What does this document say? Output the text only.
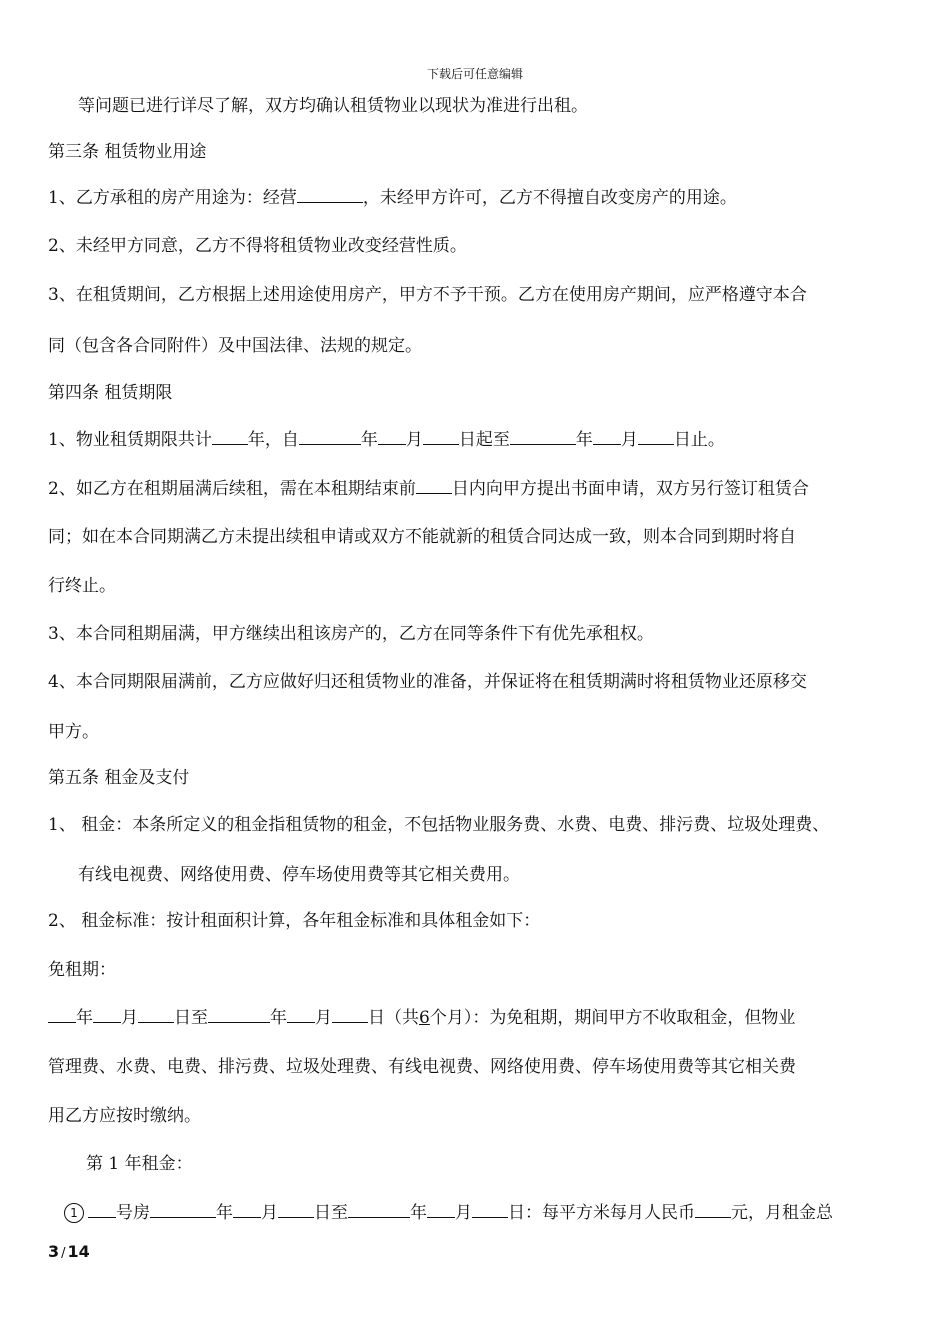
下载后可任意编辑
等问题已进行详尽了解，双方均确认租赁物业以现状为准进行出租。
第三条 租赁物业用途
1、乙方承租的房产用途为：经营	，未经甲方许可，乙方不得擅自改变房产的用途。
2、未经甲方同意，乙方不得将租赁物业改变经营性质。
3、在租赁期间，乙方根据上述用途使用房产，甲方不予干预。乙方在使用房产期间，应严格遵守本合
同（包含各合同附件）及中国法律、法规的规定。
第四条 租赁期限
1、物业租赁期限共计 年，自	年 月 日起至	年 月 日止。
2、如乙方在租期届满后续租，需在本租期结束前 日内向甲方提出书面申请，双方另行签订租赁合
同；如在本合同期满乙方未提出续租申请或双方不能就新的租赁合同达成一致，则本合同到期时将自
行终止。
3、本合同租期届满，甲方继续出租该房产的，乙方在同等条件下有优先承租权。
4、本合同期限届满前，乙方应做好归还租赁物业的准备，并保证将在租赁期满时将租赁物业还原移交
甲方。
第五条 租金及支付
1、 租金：本条所定义的租金指租赁物的租金，不包括物业服务费、水费、电费、排污费、垃圾处理费、
有线电视费、网络使用费、停车场使用费等其它相关费用。
2、 租金标准：按计租面积计算，各年租金标准和具体租金如下：
免租期：
年 月 日至	年 月 日（共6个月）：为免租期，期间甲方不收取租金，但物业
管理费、水费、电费、排污费、垃圾处理费、有线电视费、网络使用费、停车场使用费等其它相关费
用乙方应按时缴纳。
第 1 年租金：
1 号房	年 月 日至	年 月 日：每平方米每月人民币 元，月租金总
3 / 14
